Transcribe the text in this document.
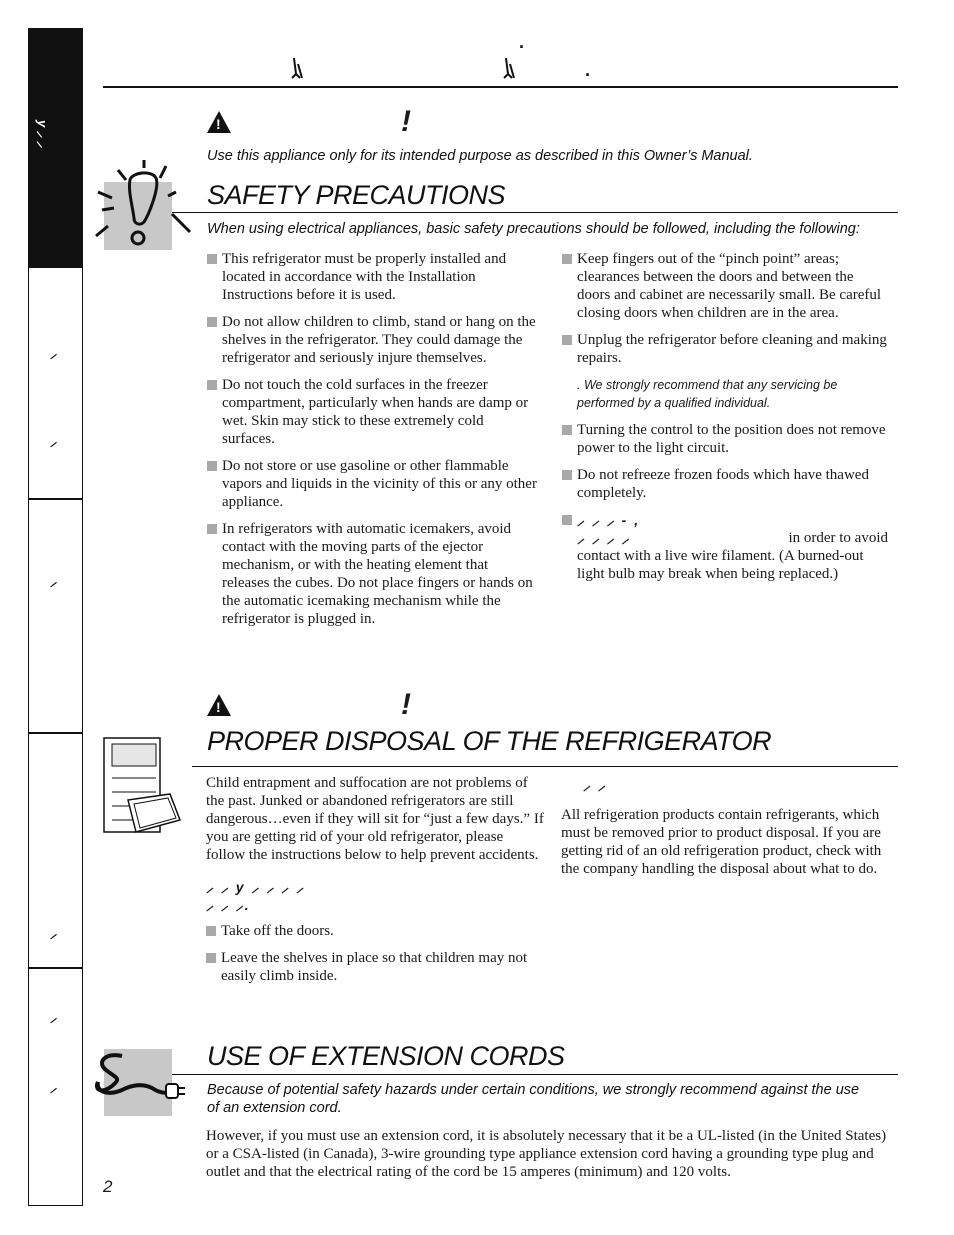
y ⸝ ⸝
⸝
⸝
⸝
⸝
⸝
⸝
.
.
!	!
Use this appliance only for its intended purpose as described in this Owner’s Manual.
SAFETY PRECAUTIONS
When using electrical appliances, basic safety precautions should be followed, including the following:

This refrigerator must be properly installed and located in accordance with the Installation Instructions before it is used.

Do not allow children to climb, stand or hang on the shelves in the refrigerator. They could damage the refrigerator and seriously injure themselves.

Do not touch the cold surfaces in the freezer compartment, particularly when hands are damp or wet. Skin may stick to these extremely cold surfaces.

Do not store or use gasoline or other flammable vapors and liquids in the vicinity of this or any other appliance.

In refrigerators with automatic icemakers, avoid contact with the moving parts of the ejector mechanism, or with the heating element that releases the cubes. Do not place fingers or hands on the automatic icemaking mechanism while the refrigerator is plugged in.

Keep fingers out of the “pinch point” areas; clearances between the doors and between the doors and cabinet are necessarily small. Be careful closing doors when children are in the area.

Unplug the refrigerator before cleaning and making repairs.

. We strongly recommend that any servicing be performed by a qualified individual.

Turning the control to the position does not remove power to the light circuit.

Do not refreeze frozen foods which have thawed completely.

⸝ ⸝ ⸝ - ,
⸝ ⸝ ⸝ ⸝	in order to avoid
contact with a live wire filament. (A burned-out light bulb may break when being replaced.)
!	!
PROPER DISPOSAL OF THE REFRIGERATOR

Child entrapment and suffocation are not problems of the past. Junked or abandoned refrigerators are still dangerous…even if they will sit for “just a few days.” If you are getting rid of your old refrigerator, please follow the instructions below to help prevent accidents.

⸝ ⸝ y ⸝ ⸝ ⸝ ⸝
⸝ ⸝ ⸝.

Take off the doors.

Leave the shelves in place so that children may not easily climb inside.

⸝ ⸝

All refrigeration products contain refrigerants, which must be removed prior to product disposal. If you are getting rid of an old refrigeration product, check with the company handling the disposal about what to do.

USE OF EXTENSION CORDS
Because of potential safety hazards under certain conditions, we strongly recommend against the use of an extension cord.
However, if you must use an extension cord, it is absolutely necessary that it be a UL-listed (in the United States) or a CSA-listed (in Canada), 3-wire grounding type appliance extension cord having a grounding type plug and outlet and that the electrical rating of the cord be 15 amperes (minimum) and 120 volts.
2
